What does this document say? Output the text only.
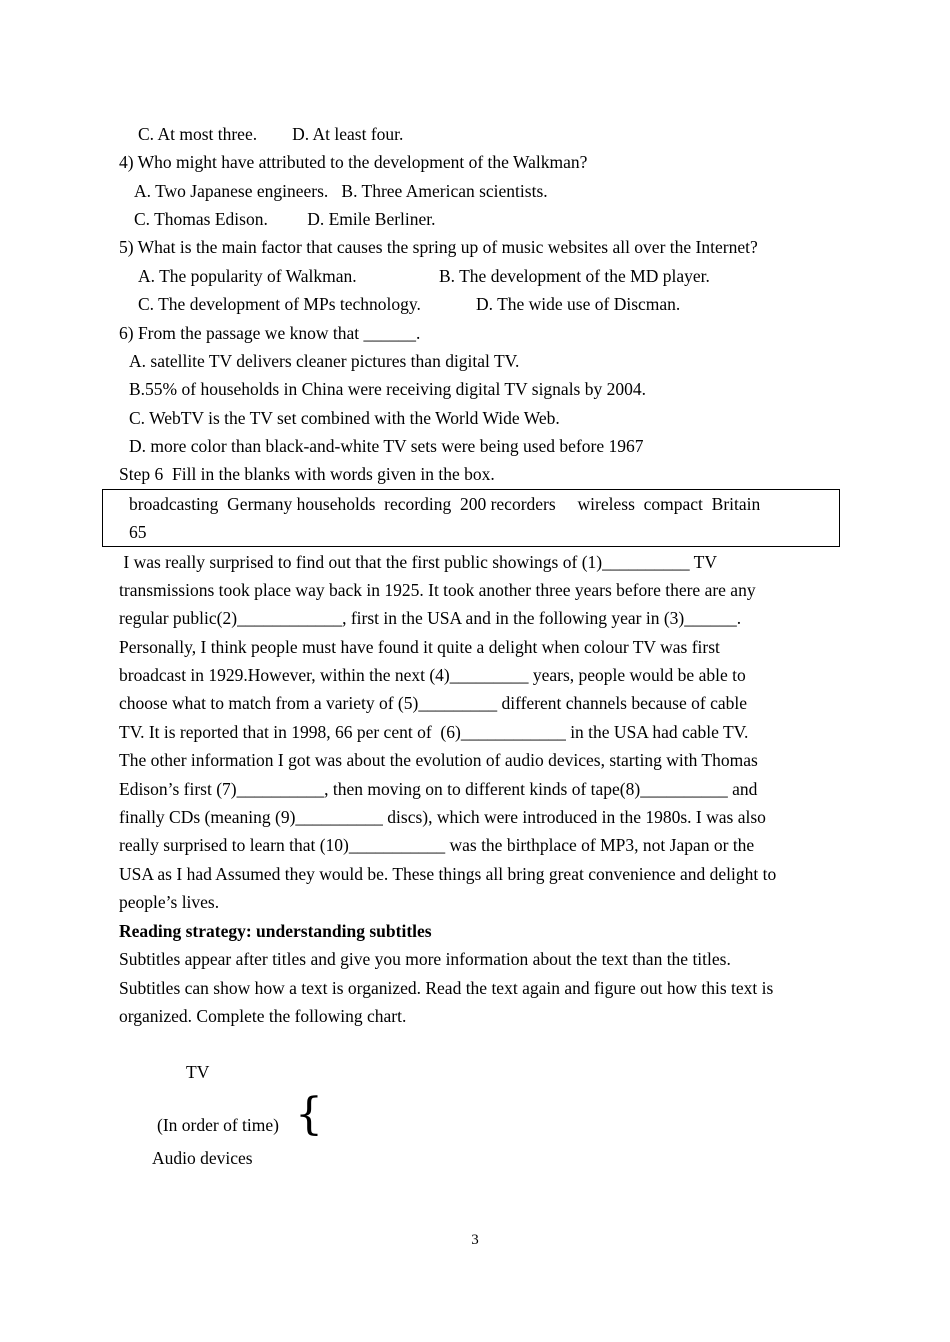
C. At most three.        D. At least four.
4) Who might have attributed to the development of the Walkman?
A. Two Japanese engineers.   B. Three American scientists.
C. Thomas Edison.         D. Emile Berliner.
5) What is the main factor that causes the spring up of music websites all over the Internet?
A. The popularity of Walkman.	B. The development of the MD player.
C. The development of MPs technology.	D. The wide use of Discman.
6) From the passage we know that ______.
A. satellite TV delivers cleaner pictures than digital TV.
B.55% of households in China were receiving digital TV signals by 2004.
C. WebTV is the TV set combined with the World Wide Web.
D. more color than black-and-white TV sets were being used before 1967
Step 6  Fill in the blanks with words given in the box.
broadcasting  Germany households  recording  200 recorders     wireless  compact  Britain
65
I was really surprised to find out that the first public showings of (1)__________ TV
transmissions took place way back in 1925. It took another three years before there are any
regular public(2)____________, first in the USA and in the following year in (3)______.
Personally, I think people must have found it quite a delight when colour TV was first
broadcast in 1929.However, within the next (4)_________ years, people would be able to
choose what to match from a variety of (5)_________ different channels because of cable
TV. It is reported that in 1998, 66 per cent of  (6)____________ in the USA had cable TV.
The other information I got was about the evolution of audio devices, starting with Thomas
Edison’s first (7)__________, then moving on to different kinds of tape(8)__________ and
finally CDs (meaning (9)__________ discs), which were introduced in the 1980s. I was also
really surprised to learn that (10)___________ was the birthplace of MP3, not Japan or the
USA as I had Assumed they would be. These things all bring great convenience and delight to
people’s lives.
Reading strategy: understanding subtitles
Subtitles appear after titles and give you more information about the text than the titles.
Subtitles can show how a text is organized. Read the text again and figure out how this text is
organized. Complete the following chart.
TV
(In order of time) {
Audio devices
3
